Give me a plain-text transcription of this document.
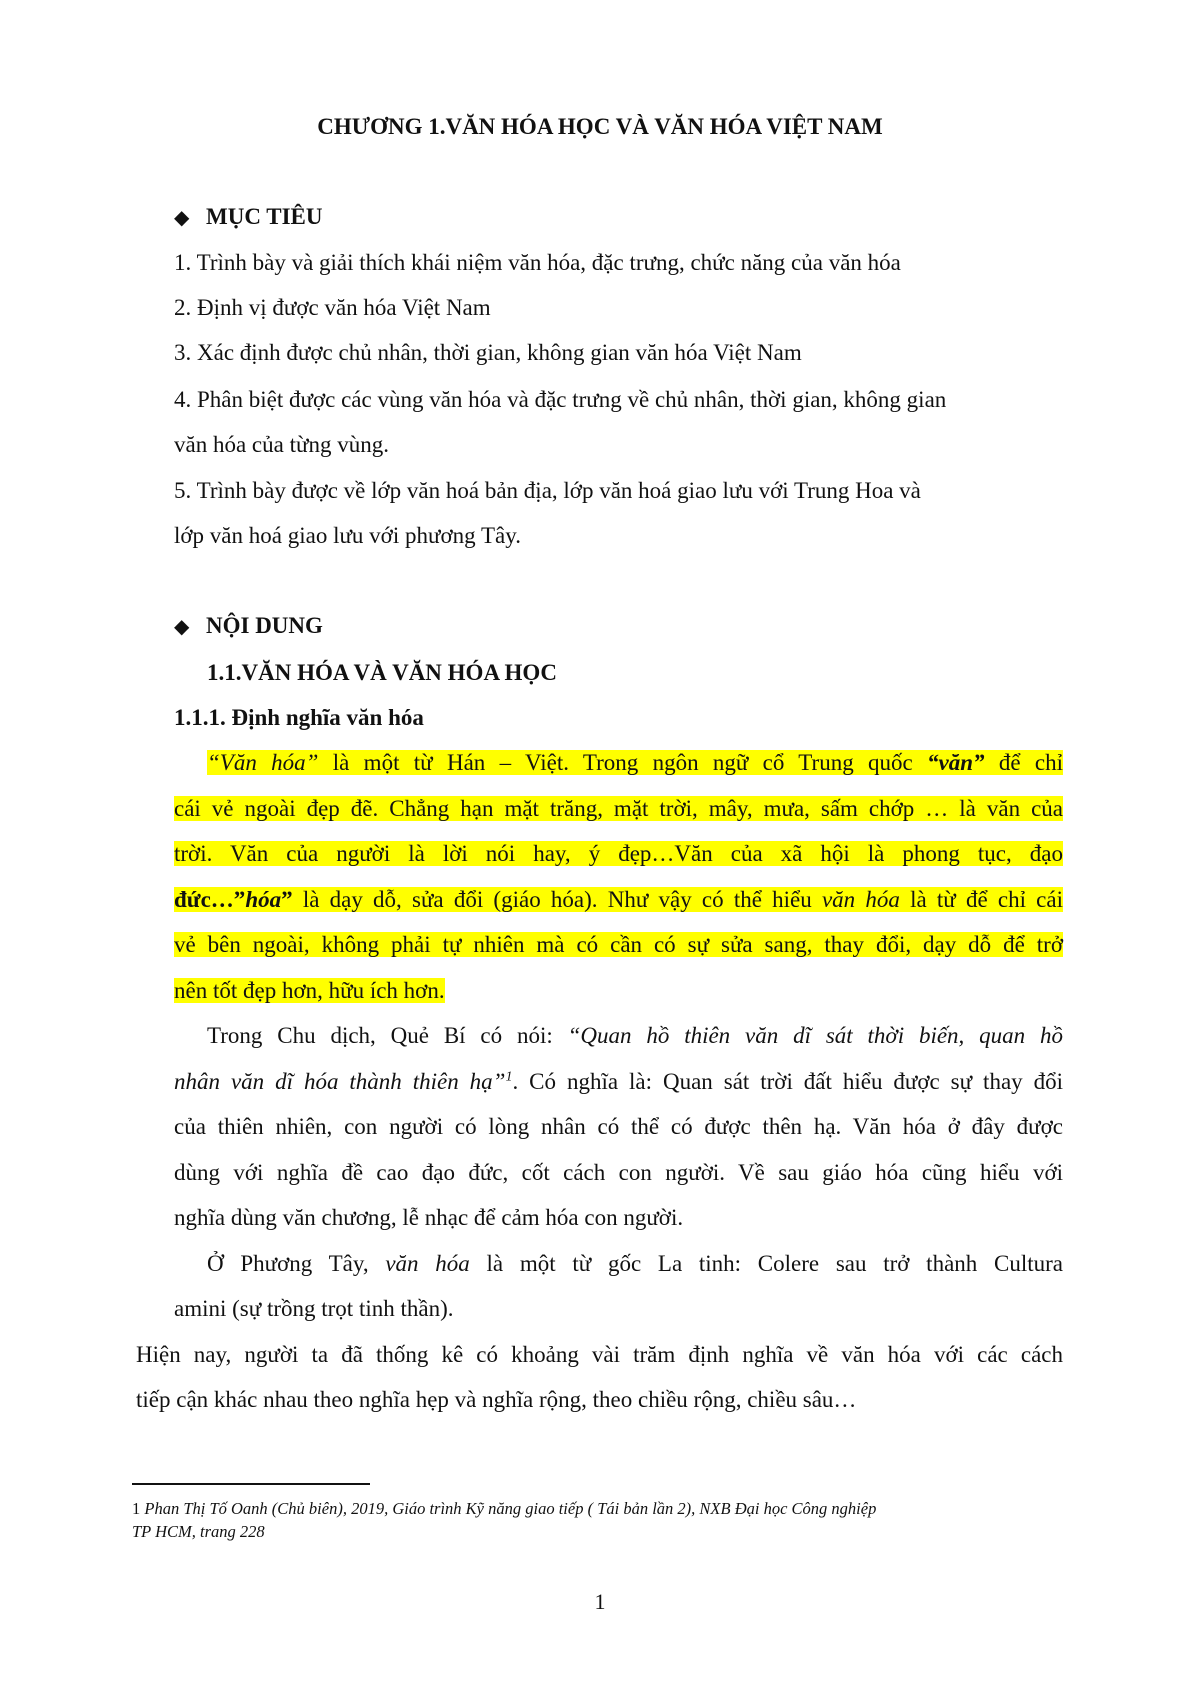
CHƯƠNG 1.VĂN HÓA HỌC VÀ VĂN HÓA VIỆT NAM
◆ MỤC TIÊU
1. Trình bày và giải thích khái niệm văn hóa, đặc trưng, chức năng của văn hóa
2. Định vị được văn hóa Việt Nam
3. Xác định được chủ nhân, thời gian, không gian văn hóa Việt Nam
4. Phân biệt được các vùng văn hóa và đặc trưng về chủ nhân, thời gian, không gian
văn hóa của từng vùng.
5. Trình bày được về lớp văn hoá bản địa, lớp văn hoá giao lưu với Trung Hoa và
lớp văn hoá giao lưu với phương Tây.
◆ NỘI DUNG
1.1.VĂN HÓA VÀ VĂN HÓA HỌC
1.1.1. Định nghĩa văn hóa
“Văn hóa” là một từ Hán – Việt. Trong ngôn ngữ cổ Trung quốc “văn” để chỉ
cái vẻ ngoài đẹp đẽ. Chẳng hạn mặt trăng, mặt trời, mây, mưa, sấm chớp … là văn của
trời. Văn của người là lời nói hay, ý đẹp…Văn của xã hội là phong tục, đạo
đức…”hóa” là dạy dỗ, sửa đổi (giáo hóa). Như vậy có thể hiểu văn hóa là từ để chỉ cái
vẻ bên ngoài, không phải tự nhiên mà có cần có sự sửa sang, thay đổi, dạy dỗ để trở
nên tốt đẹp hơn, hữu ích hơn.
Trong Chu dịch, Quẻ Bí có nói: “Quan hồ thiên văn dĩ sát thời biến, quan hồ
nhân văn dĩ hóa thành thiên hạ”$^1$. Có nghĩa là: Quan sát trời đất hiểu được sự thay đổi
của thiên nhiên, con người có lòng nhân có thể có được thên hạ. Văn hóa ở đây được
dùng với nghĩa đề cao đạo đức, cốt cách con người. Về sau giáo hóa cũng hiểu với
nghĩa dùng văn chương, lễ nhạc để cảm hóa con người.
Ở Phương Tây, văn hóa là một từ gốc La tinh: Colere sau trở thành Cultura
amini (sự trồng trọt tinh thần).
Hiện nay, người ta đã thống kê có khoảng vài trăm định nghĩa về văn hóa với các cách
tiếp cận khác nhau theo nghĩa hẹp và nghĩa rộng, theo chiều rộng, chiều sâu…
1 Phan Thị Tố Oanh (Chủ biên), 2019, Giáo trình Kỹ năng giao tiếp ( Tái bản lần 2), NXB Đại học Công nghiệp
TP HCM, trang 228
1
